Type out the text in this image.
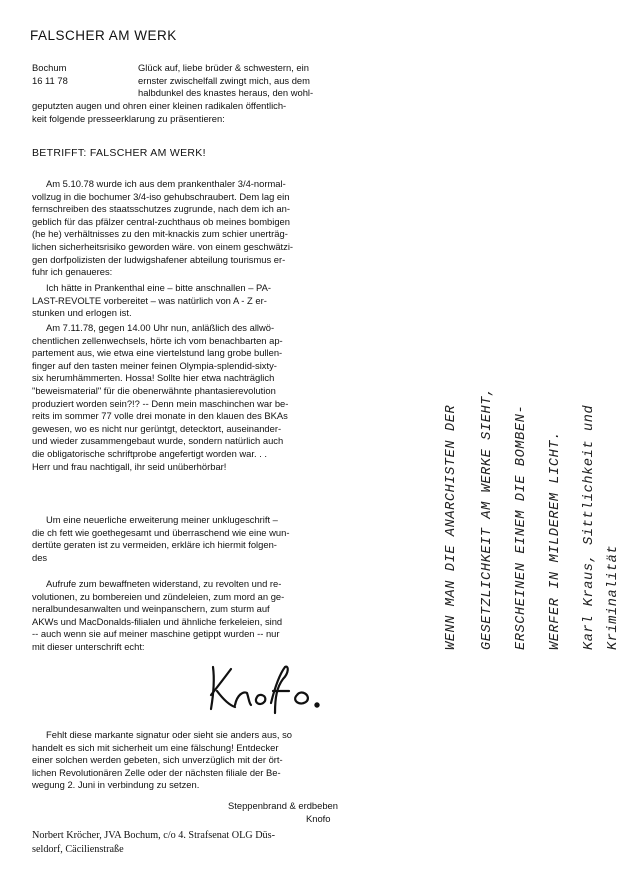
FALSCHER AM WERK
Bochum
16 11 78
Glück auf, liebe brüder & schwestern, ein
ernster zwischelfall zwingt mich, aus dem
halbdunkel des knastes heraus, den wohl-
geputzten augen und ohren einer kleinen radikalen öffentlich-
keit folgende presseerklarung zu präsentieren:
BETRIFFT: FALSCHER AM WERK!
Am 5.10.78 wurde ich aus dem prankenthaler 3/4-normal-
vollzug in die bochumer 3/4-iso gehubschraubert. Dem lag ein
fernschreiben des staatsschutzes zugrunde, nach dem ich an-
geblich für das pfälzer central-zuchthaus ob meines bombigen
(he he) verhältnisses zu den mit-knackis zum schier unerträg-
lichen sicherheitsrisiko geworden wäre. von einem geschwätzi-
gen dorfpolizisten der ludwigshafener abteilung tourismus er-
fuhr ich genaueres:
Ich hätte in Prankenthal eine – bitte anschnallen – PA-
LAST-REVOLTE vorbereitet – was natürlich von A - Z er-
stunken und erlogen ist.
Am 7.11.78, gegen 14.00 Uhr nun, anläßlich des allwö-
chentlichen zellenwechsels, hörte ich vom benachbarten ap-
partement aus, wie etwa eine viertelstund lang grobe bullen-
finger auf den tasten meiner feinen Olympia-splendid-sixty-
six herumhämmerten. Hossa! Sollte hier etwa nachträglich
"beweismaterial" für die obenerwähnte phantasierevolution
produziert worden sein?!? -- Denn mein maschinchen war be-
reits im sommer 77 volle drei monate in den klauen des BKAs
gewesen, wo es nicht nur gerüntgt, detecktort, auseinander-
und wieder zusammengebaut wurde, sondern natürlich auch
die obligatorische schriftprobe angefertigt worden war. . .
Herr und frau nachtigall, ihr seid unüberhörbar!
Um eine neuerliche erweiterung meiner unklugeschrift –
die ch fett wie goethegesamt und überraschend wie eine wun-
dertüte geraten ist zu vermeiden, erkläre ich hiermit folgen-
des
Aufrufe zum bewaffneten widerstand, zu revolten und re-
volutionen, zu bombereien und zündeleien, zum mord an ge-
neralbundesanwalten und weinpanschern, zum sturm auf
AKWs und MacDonalds-filialen und ähnliche ferkeleien, sind
-- auch wenn sie auf meiner maschine getippt wurden -- nur
mit dieser unterschrift echt:
Fehlt diese markante signatur oder sieht sie anders aus, so
handelt es sich mit sicherheit um eine fälschung! Entdecker
einer solchen werden gebeten, sich unverzüglich mit der ört-
lichen Revolutionären Zelle oder der nächsten filiale der Be-
wegung 2. Juni in verbindung zu setzen.
Steppenbrand & erdbeben
Knofo
Norbert Kröcher, JVA Bochum, c/o 4. Strafsenat OLG Düs-
seldorf, Cäcilienstraße
WENN MAN DIE ANARCHISTEN DER GESETZLICHKEIT AM WERKE SIEHT, ERSCHEINEN EINEM DIE BOMBEN- WERFER IN MILDEREM LICHT. Karl Kraus, Sittlichkeit und Kriminalität
